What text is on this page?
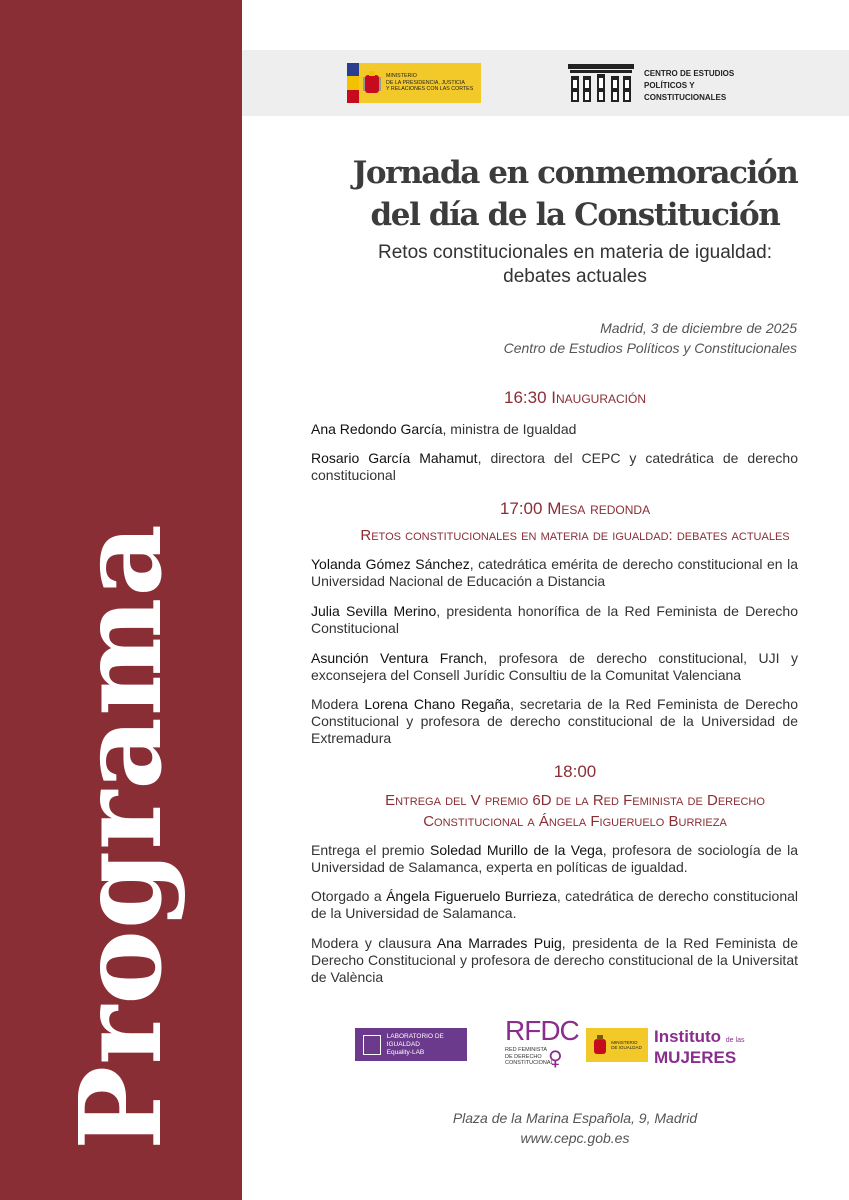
Programa
MINISTERIO
DE LA PRESIDENCIA, JUSTICIA
Y RELACIONES CON LAS CORTES
CENTRO DE ESTUDIOS
POLÍTICOS Y
CONSTITUCIONALES
Jornada en conmemoración
del día de la Constitución
Retos constitucionales en materia de igualdad:
debates actuales
Madrid, 3 de diciembre de 2025
Centro de Estudios Políticos y Constitucionales
16:30 Inauguración
Ana Redondo García, ministra de Igualdad
Rosario García Mahamut, directora del CEPC y catedrática de derecho constitucional
17:00 Mesa redonda
Retos constitucionales en materia de igualdad: debates actuales
Yolanda Gómez Sánchez, catedrática emérita de derecho constitucional en la Universidad Nacional de Educación a Distancia
Julia Sevilla Merino, presidenta honorífica de la Red Feminista de Derecho Constitucional
Asunción Ventura Franch, profesora de derecho constitucional, UJI y exconsejera del Consell Jurídic Consultiu de la Comunitat Valenciana
Modera Lorena Chano Regaña, secretaria de la Red Feminista de Derecho Constitucional y profesora de derecho constitucional de la Universidad de Extremadura
18:00
Entrega del V premio 6D de la Red Feminista de Derecho
Constitucional a Ángela Figueruelo Burrieza
Entrega el premio Soledad Murillo de la Vega, profesora de sociología de la Universidad de Salamanca, experta en políticas de igualdad.
Otorgado a Ángela Figueruelo Burrieza, catedrática de derecho constitucional de la Universidad de Salamanca.
Modera y clausura Ana Marrades Puig, presidenta de la Red Feminista de Derecho Constitucional y profesora de derecho constitucional de la Universitat de València
LABORATORIO DE IGUALDAD
Equality-LAB
RFDC
RED FEMINISTA
DE DERECHO
CONSTITUCIONAL
♀
MINISTERIO
DE IGUALDAD
Instituto de las
MUJERES
Plaza de la Marina Española, 9, Madrid
www.cepc.gob.es
